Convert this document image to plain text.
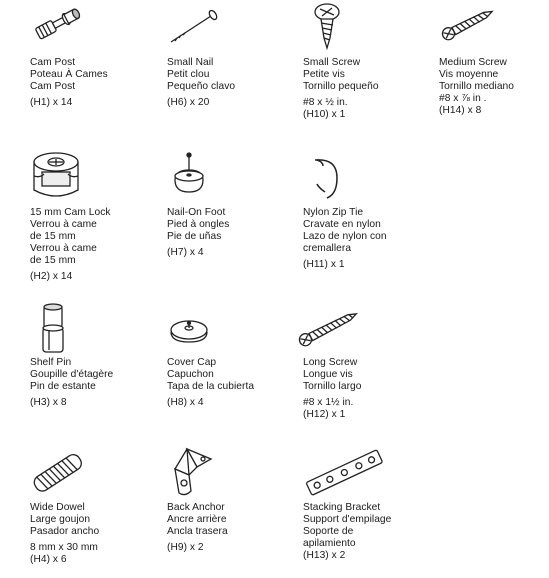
Cam Post
Poteau À Cames
Cam Post
(H1) x 14
Small Nail
Petit clou
Pequeño clavo
(H6) x 20
Small Screw
Petite vis
Tornillo pequeño
#8 x ½ in.
(H10) x 1
Medium Screw
Vis moyenne
Tornillo mediano
#8 x ⅞ in .
(H14) x 8
15 mm Cam Lock
Verrou à came
de 15 mm
Verrou à came
de 15 mm
(H2) x 14
Nail-On Foot
Pied à ongles
Pie de uñas
(H7) x 4
Nylon Zip Tie
Cravate en nylon
Lazo de nylon con
cremallera
(H11) x 1
Shelf Pin
Goupille d'étagère
Pin de estante
(H3) x 8
Cover Cap
Capuchon
Tapa de la cubierta
(H8) x 4
Long Screw
Longue vis
Tornillo largo
#8 x 1½ in.
(H12) x 1
Wide Dowel
Large goujon
Pasador ancho
8 mm x 30 mm
(H4) x 6
Back Anchor
Ancre arrière
Ancla trasera
(H9) x 2
Stacking Bracket
Support d'empilage
Soporte de
apilamiento
(H13) x 2
